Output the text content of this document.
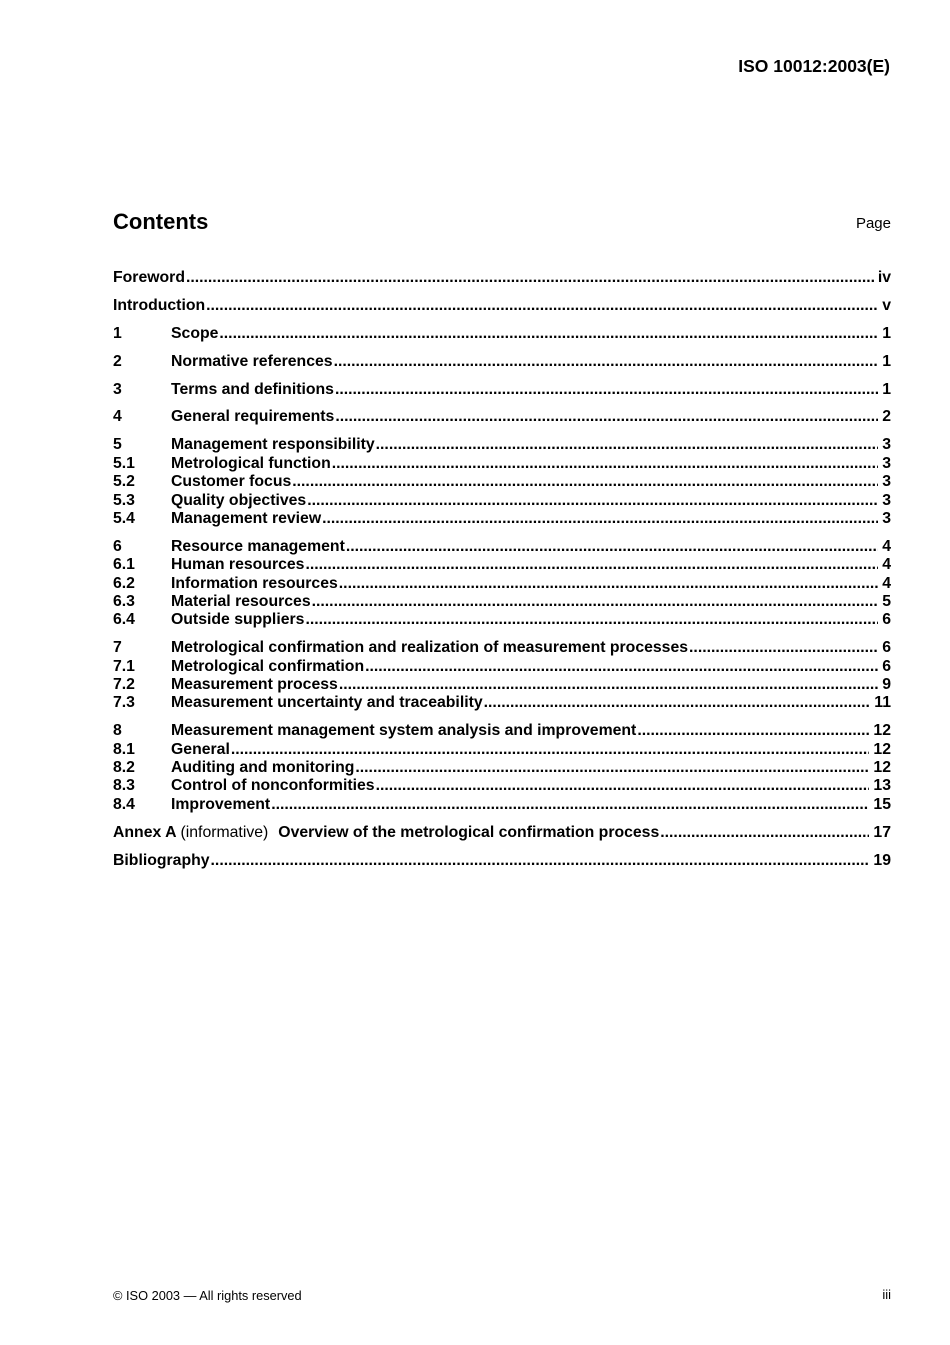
ISO 10012:2003(E)
Contents	Page
Foreword .....	iv
Introduction .....	v
1	Scope .....	1
2	Normative references .....	1
3	Terms and definitions .....	1
4	General requirements .....	2
5	Management responsibility .....	3
5.1	Metrological function .....	3
5.2	Customer focus .....	3
5.3	Quality objectives .....	3
5.4	Management review .....	3
6	Resource management .....	4
6.1	Human resources .....	4
6.2	Information resources .....	4
6.3	Material resources .....	5
6.4	Outside suppliers .....	6
7	Metrological confirmation and realization of measurement processes .....	6
7.1	Metrological confirmation .....	6
7.2	Measurement process .....	9
7.3	Measurement uncertainty and traceability .....	11
8	Measurement management system analysis and improvement .....	12
8.1	General .....	12
8.2	Auditing and monitoring .....	12
8.3	Control of nonconformities .....	13
8.4	Improvement .....	15
Annex A (informative) Overview of the metrological confirmation process .....	17
Bibliography .....	19
© ISO 2003 — All rights reserved	iii
